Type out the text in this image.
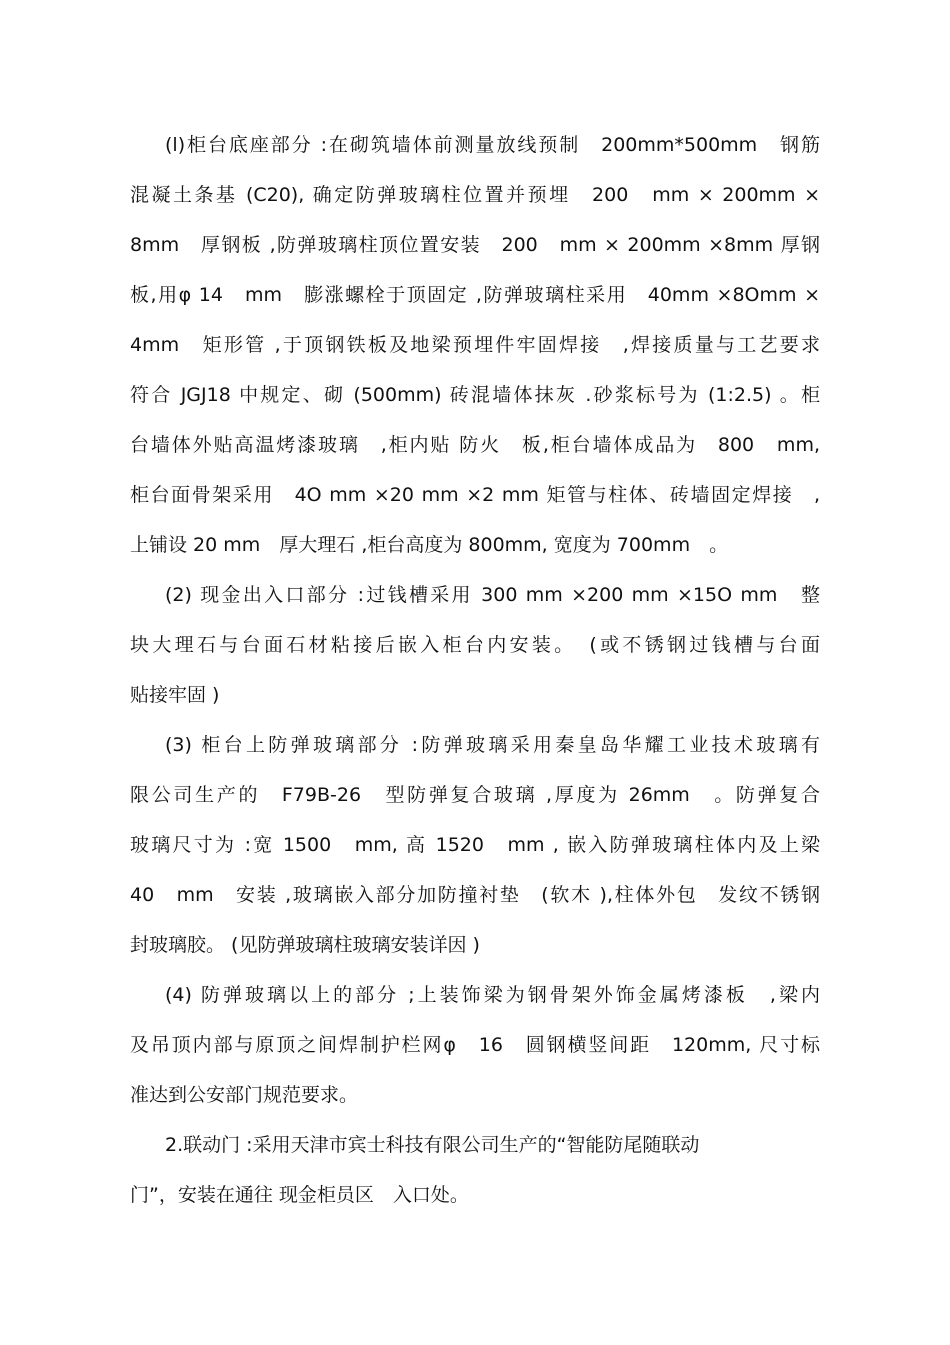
(l)柜台底座部分 :在砌筑墙体前测量放线预制　200mm*500mm　钢筋
混凝土条基 (C20), 确定防弹玻璃柱位置并预埋　200　mm × 200mm ×
8mm　厚钢板 ,防弹玻璃柱顶位置安装　200　mm × 200mm ×8mm 厚钢
板,用φ 14　mm　膨涨螺栓于顶固定 ,防弹玻璃柱采用　40mm ×8Omm ×
4mm　矩形管 ,于顶钢铁板及地梁预埋件牢固焊接　,焊接质量与工艺要求
符合 JGJ18 中规定、砌 (500mm) 砖混墙体抹灰 .砂浆标号为 (1:2.5) 。柜
台墙体外贴高温烤漆玻璃　,柜内贴 防火　板,柜台墙体成品为　800　mm,
柜台面骨架采用　4O mm ×20 mm ×2 mm 矩管与柱体、砖墙固定焊接　,
上铺设 20 mm　厚大理石 ,柜台高度为 800mm, 宽度为 700mm　。
(2) 现金出入口部分 :过钱槽采用 300 mm ×200 mm ×15O mm　整
块大理石与台面石材粘接后嵌入柜台内安装。　(或不锈钢过钱槽与台面
贴接牢固 )
(3) 柜台上防弹玻璃部分 :防弹玻璃采用秦皇岛华耀工业技术玻璃有
限公司生产的　F79B-26　型防弹复合玻璃 ,厚度为 26mm　。防弹复合
玻璃尺寸为 :宽 1500　mm, 高 1520　mm , 嵌入防弹玻璃柱体内及上梁
40　mm　安装 ,玻璃嵌入部分加防撞衬垫　(软木 ),柱体外包　发纹不锈钢
封玻璃胶。 (见防弹玻璃柱玻璃安装详因 )
(4) 防弹玻璃以上的部分 ;上装饰梁为钢骨架外饰金属烤漆板　,梁内
及吊顶内部与原顶之间焊制护栏网φ　16　圆钢横竖间距　120mm, 尺寸标
准达到公安部门规范要求。
2.联动门 :采用天津市宾士科技有限公司生产的“智能防尾随联动
门”，安装在通往 现金柜员区　入口处。
